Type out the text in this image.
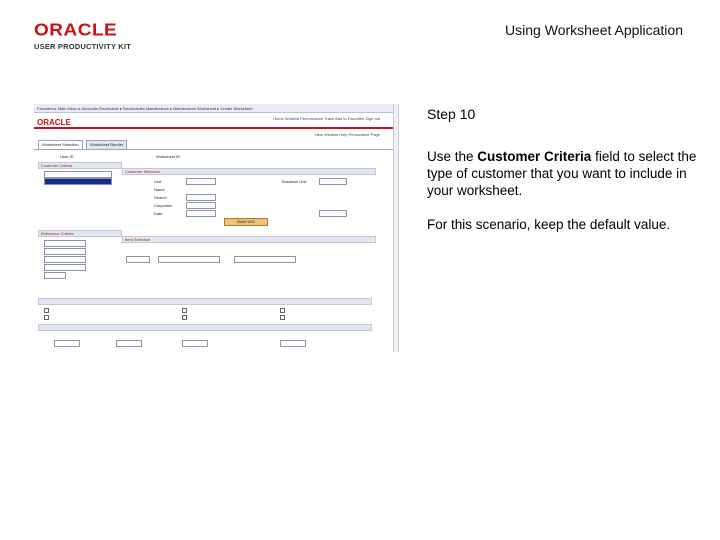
ORACLE
USER PRODUCTIVITY KIT
Using Worksheet Application
Favorites ▸ Main Menu ▸ Accounts Receivable ▸ Receivables Maintenance ▸ Maintenance Worksheet ▸ Create Worksheet
ORACLE	Home Worklist Performance Trace Add to Favorites Sign out
New Window Help Personalize Page
Worksheet Selection	Worksheet Render
User ID	Worksheet ID
Customer Criteria
Customer Selection
Unit
Name
Search
Corporate
Date
Build W/S
Business Unit
Reference Criteria
Item Selection
Step 10

Use the Customer Criteria field to select the type of customer that you want to include in your worksheet.

For this scenario, keep the default value.
